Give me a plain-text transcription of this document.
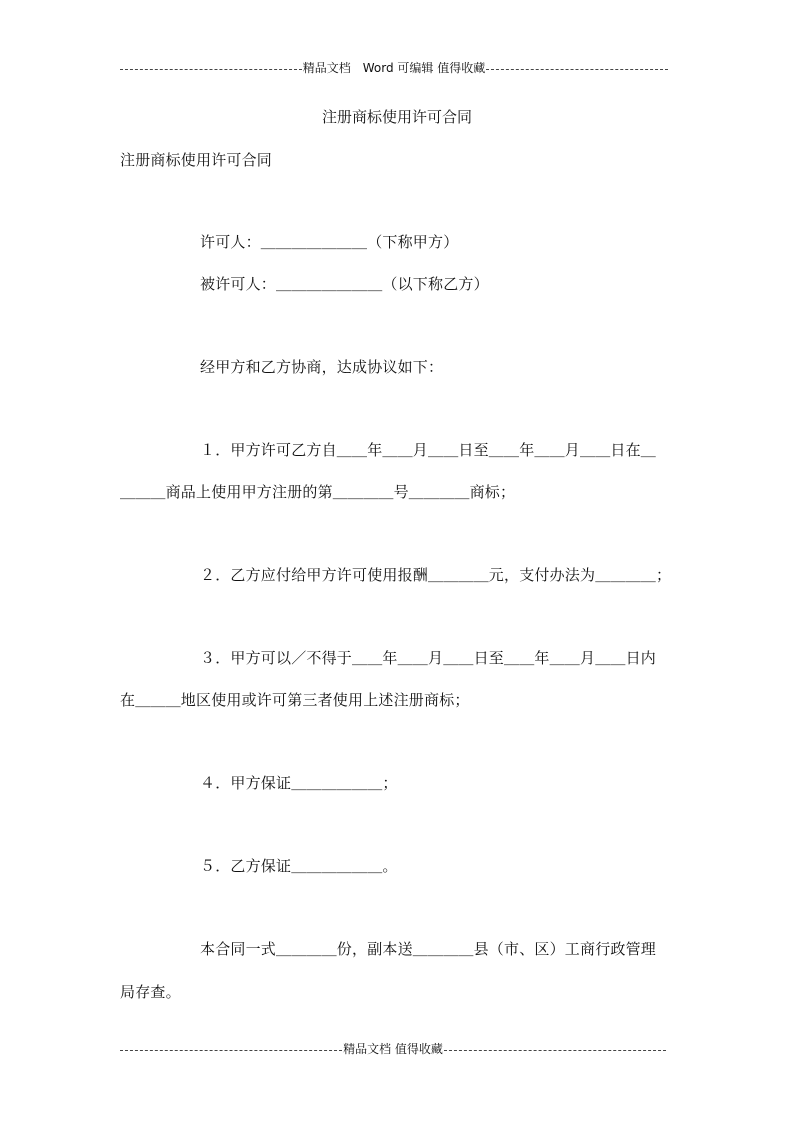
精品文档　Word 可编辑 值得收藏
注册商标使用许可合同
注册商标使用许可合同
许可人：＿＿＿＿＿＿＿（下称甲方）
被许可人：＿＿＿＿＿＿＿（以下称乙方）
经甲方和乙方协商，达成协议如下：
１．甲方许可乙方自＿＿年＿＿月＿＿日至＿＿年＿＿月＿＿日在＿
＿＿＿商品上使用甲方注册的第＿＿＿＿号＿＿＿＿商标；
２．乙方应付给甲方许可使用报酬＿＿＿＿元，支付办法为＿＿＿＿；
３．甲方可以／不得于＿＿年＿＿月＿＿日至＿＿年＿＿月＿＿日内
在＿＿＿地区使用或许可第三者使用上述注册商标；
４．甲方保证＿＿＿＿＿＿；
５．乙方保证＿＿＿＿＿＿。
本合同一式＿＿＿＿份，副本送＿＿＿＿县（市、区）工商行政管理
局存查。
精品文档 值得收藏
